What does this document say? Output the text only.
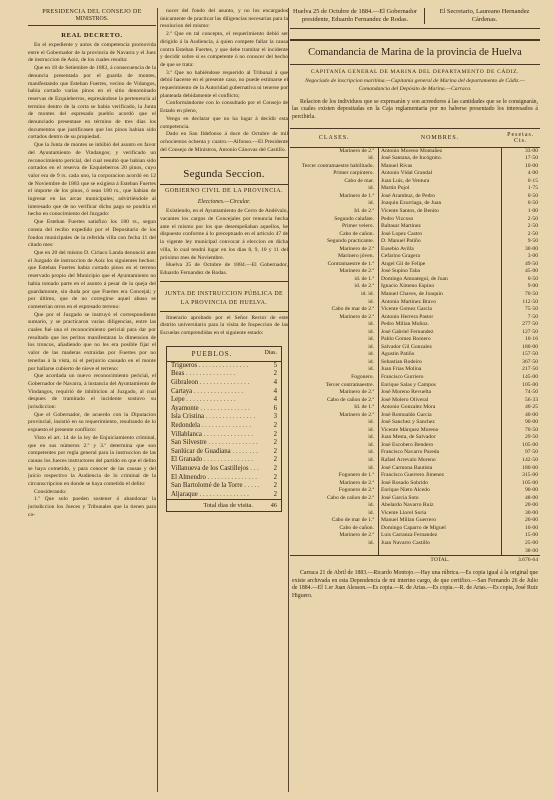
PRESIDENCIA DEL CONSEJO DE
MINISTROS.
REAL DECRETO.

En el expediente y autos de competencia promovida entre el Gobernador de la provincia de Navarra y el Juez de instruccion de Aoiz, de los cuales resulta:

Que en 18 de Setiembre de 1883, á consecuencia de la denuncia presentada por el guarda de montes, manifestando que Esteban Fuertes, vecino de Vidangos, habia cortado varias pinos en el sitio denominado reservas de Ezquieberros, espresándose la pertenencia al termino dentro de la corta se habia verificado, la Junta de montes del espresado pueblo acordó que el denunciado presentase en término de tres dias los documentos que justificasen que los pinos habian sido cortados dentro de su propiedad.

Que la Junta de montes se inhibió del asunto en favor del Ayuntamiento de Vindangos; y verificado un reconocimiento pericial, del cual resultó que habian sido cortados en el reserva de Ezquieberros 20 pinos, cuyo valor era de 9 rs. cada uno, la corporacion acordó en 12 de Noviembre de 1883 que se exigiera á Esteban Fuertes el importe de los pinos, ó sean 180 rs., que habian de ingresar en las arcas municipales; advirtiéndole al interesado que de no verificar dicho pago se pondria el hecho en conocimiento del Juzgado:

Que Esteban Fuertes satisfizo los 180 rs., segun consta del recibo expedido por el Depositario de los fondos municipales de la referida villa con fecha 11 del citado mes:

Que en 20 del mismo D. Ciriaco Landa denunció ante el Juzgado de instruccion de Aoiz los siguientes hechos: que Esteban Fuertes habia cortado pinos en el terreno reservado propio del Municipio que el Ayuntamiento no habia tomado parte en el asunto á pesar de la queja del guardamonte, sin duda por que Fuertes era Concejal; y por último, que de no corregirse aquel abuso se cometerian otros en el espresado terreno:

Que por el Juzgado se instruyó el correspondiente sumario, y se practicaron varias diligencias, entre las cuales fué una el reconocimiento pericial para dar por resultado que los peritos manifestaran la dimension de los troncos, añadiendo que no les era posible fijar el valor de las maderas extraidas por Fuertes por no tenerlas á la vista, ni el perjuicio causado en el monte por hallarse cubierto de nieve el terreno:

Que acordada un nuevo reconocimiento pericial, el Gobernador de Navarra, á instancia del Ayuntamiento de Vindangos, requirió de inhibicion al Juzgado, al cual despues de tramitado el incidente sostuvo su jurisdiccion:

Que el Gobernador, de acuerdo con la Diputacion provincial, insistió en su requerimiento, resultando de lo expuesto el presente conflicto:

Visto el art. 14 de la ley de Enjuiciamiento criminal, que en sus números 2.º y 3.º determina que son competentes por regla general para la instruccion de las causas los Jueces instructores del partido en que el delito se haya cometido, y para conocer de las causas y del juicio respectivo la Audiencia de lo criminal de la circunscripcion en donde se haya cometido el delito:

Considerando:

1.º Que solo pueden sostener ó abandonar la jurisdiccion los Jueces y Tribunales que la tienen para co-

nocer del fondo del asunto, y no los encargados únicamente de practicar las diligencias necesarias para la resolucion del mismo:

2.º Que en tal concepto, el requerimiento debió ser dirigido á la Audiencia, á quien compete fallar la causa contra Esteban Fuertes, y que debe tramitar el incidente y decidir sobre si es competente ó no conocer del hecho de que se trata:

3.º Que no habiéndose requerido al Tribunal á que debió hacerse en el presente caso, no puede estimarse el requerimiento de la Autoridad gubernativa ni tenerse por planteada debidamente el conflicto;

Conformándome con lo consultado por el Consejo de Estado en pleno,

Vengo en declarar que no ha lugar á decidir esta competencia.

Dado en San Ildefonso á doce de Octubre de mil ochocientos ochenta y cuatro.—Alfonso.—El Presidente del Consejo de Ministros, Antonio Cánovas del Castillo.

Segunda Seccion.
GOBIERNO CIVIL DE LA PROVINCIA.
Elecciones.—Circular.

Existiendo, en el Ayuntamiento de Cerro de Andévalo, vacantes los cargos de Concejales por renuncia hecha ante el mismo por los que desempeñaban aquellos, he dispuesto conforme á lo preceptuado en el articulo 47 de la vigente ley municipal convocar á eleccion en dicha villa, lo cual tendrá lugar en los dias 8, 9, 10 y 11 del próximo mes de Noviembre.

Huelva 25 de Octubre de 1884.—El Gobernador, Eduardo Fernandez de Rodas.

JUNTA DE INSTRUCCION PÚBLICA DE LA PROVINCIA DE HUELVA.

Itinerario aprobado por el Señor Rector de este distrito universitario para la visita de Inspeccion de las Escuelas comprendidas en el siguiente estado:

PUEBLOS.	Dias.
Trigueros . . .	5
Beas . . .	2
Gibraleon . . .	4
Cartaya . . .	4
Lepe . . .	4
Ayamonte . . .	6
Isla Cristina . . .	3
Redondela . . .	2
Villablanca . . .	2
San Silvestre . . .	2
Sanlúcar de Guadiana . . .	2
El Granado . . .	2
Villanueva de los Castillejos . . .	2
El Almendro . . .	2
San Bartolomé de la Torre . . .	2
Aljaraque . . .	2
Total dias de visita.	46
Huelva 25 de Octubre de 1884.—El Gobernador presidente, Eduardo Fernandez de Rodas.
El Secretario, Laureano Hernandez Cárdenas.
Comandancia de Marina de la provincia de Huelva
CAPITANÍA GENERAL DE MARINA DEL DEPARTAMENTO DE CÁDIZ.
Negociado de inscripcion marítima.—Capitanía general de Marina del departamento de Cádiz.—Comandancia del Depósito de Marina.—Carraca.
Relacion de los individuos que se expresarán y son acreedores á las cantidades que se le consignarán, las cuales existen depositadas en la Caja reglamentaria por no haberse presentado los interesados á percibirla.
CLASES.	NOMBRES.	Pesetas. Cts.
Marinero de 2.ª	Antonio Moreno Montañez	33·00
id.	José Santana, de Incógnito.	17·50
Tercer contramaestre habilitado.	Manuel Rivas	10·00
Primer carpintero.	Antonio Vidal Grandal	4·00
Cabo de mar.	Juan Luis, de Ventura	0·15
id.	Martin Pujol	1·75
Marinero de 1.ª	José Arambuz, de Pedro	0·50
id.	Joaquin Ezurriaga, de Juan	0·50
Id. de 2.ª	Vicente Santos, de Benito	1·00
Segundo calafate.	Pedro Vizcoso	2·50
Primer velero.	Baltasar Martinez	2·50
Cabo de cañon.	José Lopez Castro	2·50
Segundo practicante.	D. Manuel Patiño	9·50
Marinero de 2.ª	Eusebio Avilla	30·00
Marinero jóven.	Cefarino Gragera	3·00
Contramaestre de 1.ª	Angel Gil de Felipe	49·50
Marinero de 2.ª	José Supino Taba	45·00
id. de 1.ª	Domingo Amoategui, de Juan	0·50
id. de 2.ª	Ignacio Ximeno Espino	9·00
id. id.	Manuel Chaves, de Joaquin	70·50
id.	Antonio Martinez Bravo	112·50
Cabo de mar de 2.ª	Vicente Gomez Garcia	75·50
Marinero de 2.ª	Antonio Herrera Pastor	7·50
id.	Pedro Millan Muñoz.	277·50
id.	José Gabriel Fernandez	127·50
id.	Pablo Gomez Romero	10·16
id.	Salvador Gil Gonzalez	180·00
id.	Agustin Patiño	157·50
id.	Sebastian Rodeiro	367·50
id.	Juan Frias Molina	217·50
Fogonero.	Francisco Gurriero	145·00
Tercer contramaestre.	Enrique Salas y Campos	105·00
Marinero de 2.ª	José Moreno Revuelta	74·50
Cabo de cañon de 2.ª	José Molero Oliveral	56·33
Id. de 1.ª	Antonio Gonzalez Mora	40·25
Marinero de 2.ª	José Romualdo Garcia	40·00
id.	José Sanchez y Sanchez	90·00
id.	Vicente Márquez Moreno	70·50
id.	Juan Mesta, de Salvador	29·50
id.	José Escobero Bendero	105·00
id.	Francisco Navarro Pareda	97·50
id.	Rafael Arrevalo Moreno	142·50
id.	José Carmona Bautista	180·00
Fogonero de 1.ª	Francisco Guerrero Jimenez	315·00
Marinero de 2.ª	José Rosado Sobrido	105·00
Fogonero de 2.ª	Enrique Nieto Alcedo	90·00
Cabo de cañon de 2.ª	José Garcia Soto	48·00
id.	Abelardo Navarro Ruiz	20·00
id.	Vicente Llorel Soria	30·00
Cabo de mar de 1.ª	Manuel Millan Guerrero	20·00
Cabo de cañon.	Domingo Caparro de Miguel	10·00
Marinero de 2.ª	Luis Carranza Fernandez	15·00
id.	Juan Navarro Castillo	25·00
		38·00
	TOTAL.	3.676·64
Carraca 21 de Abril de 1883.—Ricardo Montojo.—Hay una rúbrica.—Es copia igual á la original que existe archivada en esta Dependencia de mi interino cargo, de que certifico.—San Fernando 26 de Julio de 1884.—El 1.er Juan Alesson.—Es copia.—R. de Arias.—Es copia.—R. de Arias.—Es copia, José Ruiz Higuero.
